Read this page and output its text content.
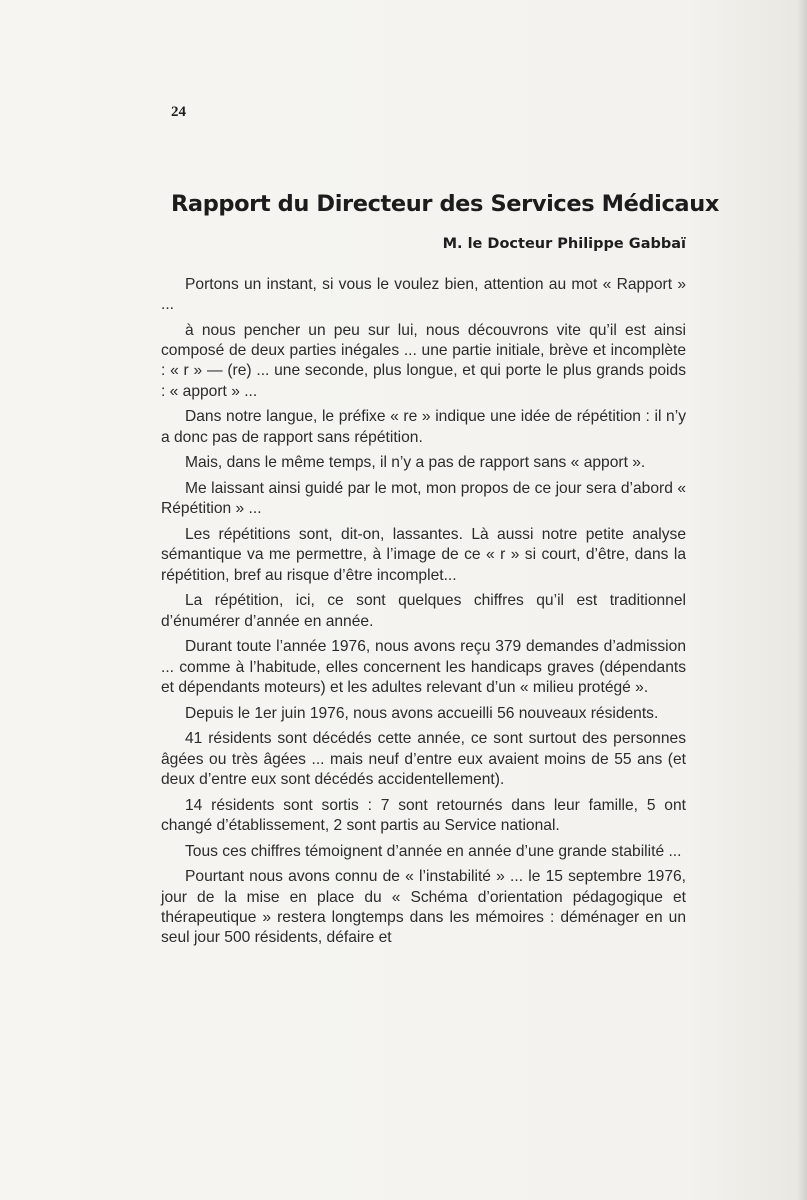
24
Rapport du Directeur des Services Médicaux
M. le Docteur Philippe Gabbaï

Portons un instant, si vous le voulez bien, attention au mot « Rapport » ...

à nous pencher un peu sur lui, nous découvrons vite qu’il est ainsi composé de deux parties inégales ... une partie initiale, brève et incomplète : « r » — (re) ... une seconde, plus longue, et qui porte le plus grands poids : « apport » ...

Dans notre langue, le préfixe « re » indique une idée de répétition : il n’y a donc pas de rapport sans répétition.

Mais, dans le même temps, il n’y a pas de rapport sans « apport ».

Me laissant ainsi guidé par le mot, mon propos de ce jour sera d’abord « Répétition » ...

Les répétitions sont, dit-on, lassantes. Là aussi notre petite analyse sémantique va me permettre, à l’image de ce « r » si court, d’être, dans la répétition, bref au risque d’être incomplet...

La répétition, ici, ce sont quelques chiffres qu’il est traditionnel d’énumérer d’année en année.

Durant toute l’année 1976, nous avons reçu 379 demandes d’admission ... comme à l’habitude, elles concernent les handicaps graves (dépendants et dépendants moteurs) et les adultes relevant d’un « milieu protégé ».

Depuis le 1er juin 1976, nous avons accueilli 56 nouveaux résidents.

41 résidents sont décédés cette année, ce sont surtout des personnes âgées ou très âgées ... mais neuf d’entre eux avaient moins de 55 ans (et deux d’entre eux sont décédés accidentellement).

14 résidents sont sortis : 7 sont retournés dans leur famille, 5 ont changé d’établissement, 2 sont partis au Service national.

Tous ces chiffres témoignent d’année en année d’une grande stabilité ...

Pourtant nous avons connu de « l’instabilité » ... le 15 septembre 1976, jour de la mise en place du « Schéma d’orientation pédagogique et thérapeutique » restera longtemps dans les mémoires : déménager en un seul jour 500 résidents, défaire et
